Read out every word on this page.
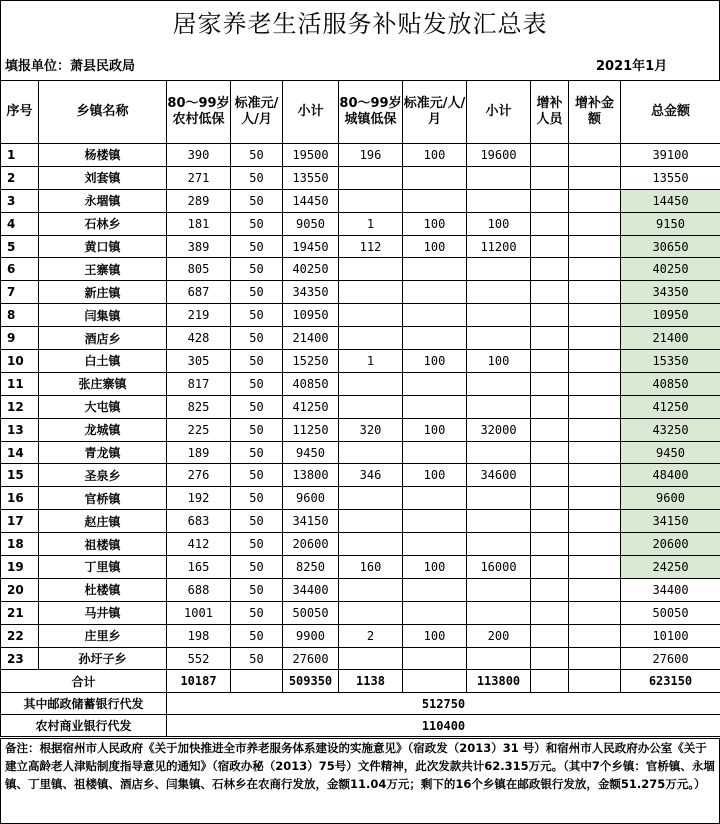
居家养老生活服务补贴发放汇总表
填报单位：萧县民政局	2021年1月
序号	乡镇名称	80～99岁农村低保	标准元/人/月	小计	80～99岁城镇低保	标准元/人/月	小计	增补人员	增补金额	总金额
1	杨楼镇	390	50	19500	196	100	19600			39100
2	刘套镇	271	50	13550						13550
3	永堌镇	289	50	14450						14450
4	石林乡	181	50	9050	1	100	100			9150
5	黄口镇	389	50	19450	112	100	11200			30650
6	王寨镇	805	50	40250						40250
7	新庄镇	687	50	34350						34350
8	闫集镇	219	50	10950						10950
9	酒店乡	428	50	21400						21400
10	白土镇	305	50	15250	1	100	100			15350
11	张庄寨镇	817	50	40850						40850
12	大屯镇	825	50	41250						41250
13	龙城镇	225	50	11250	320	100	32000			43250
14	青龙镇	189	50	9450						9450
15	圣泉乡	276	50	13800	346	100	34600			48400
16	官桥镇	192	50	9600						9600
17	赵庄镇	683	50	34150						34150
18	祖楼镇	412	50	20600						20600
19	丁里镇	165	50	8250	160	100	16000			24250
20	杜楼镇	688	50	34400						34400
21	马井镇	1001	50	50050						50050
22	庄里乡	198	50	9900	2	100	200			10100
23	孙圩子乡	552	50	27600						27600
合计		10187		509350	1138		113800			623150
其中邮政储蓄银行代发		512750								
农村商业银行代发		110400								
备注：根据宿州市人民政府《关于加快推进全市养老服务体系建设的实施意见》（宿政发（2013）31 号）和宿州市人民政府办公室《关于建立高龄老人津贴制度指导意见的通知》（宿政办秘（2013）75号）文件精神，此次发款共计62.315万元。（其中7个乡镇：官桥镇、永堌镇、丁里镇、祖楼镇、酒店乡、闫集镇、石林乡在农商行发放，金额11.04万元；剩下的16个乡镇在邮政银行发放，金额51.275万元。）
